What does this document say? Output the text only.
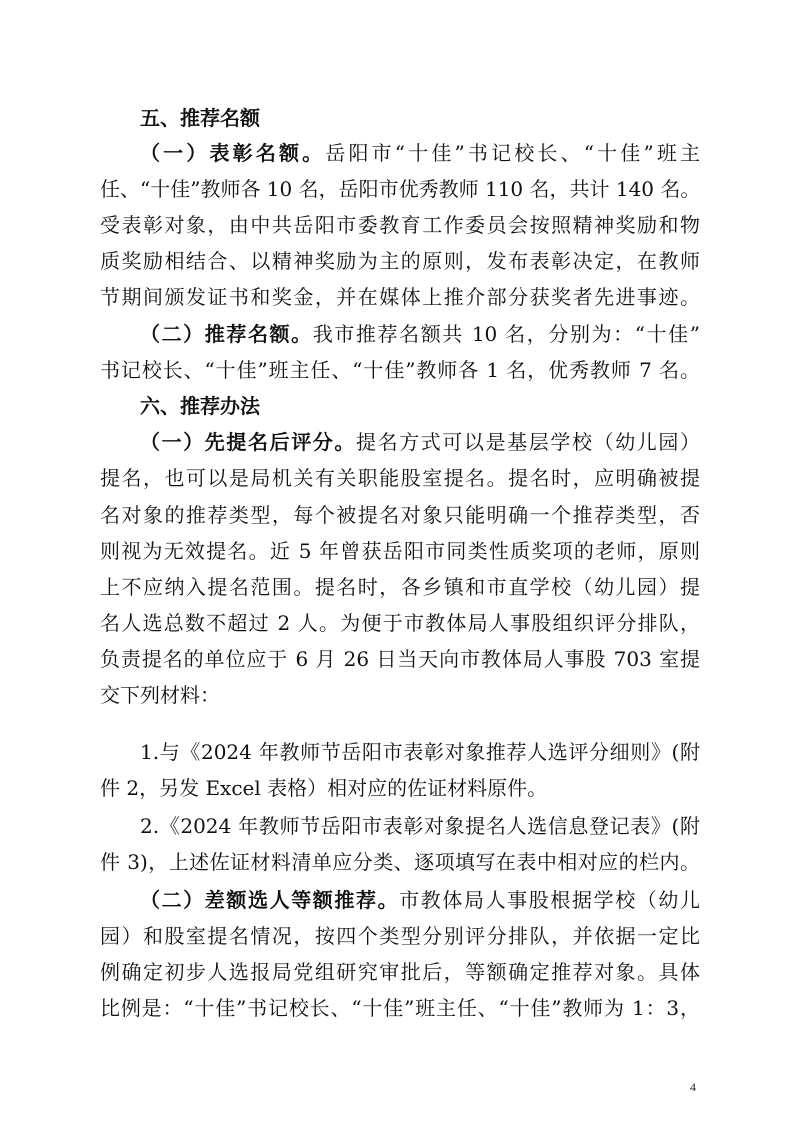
五、推荐名额
（一）表彰名额。岳阳市“十佳”书记校长、“十佳”班主
任、“十佳”教师各 10 名，岳阳市优秀教师 110 名，共计 140 名。
受表彰对象，由中共岳阳市委教育工作委员会按照精神奖励和物
质奖励相结合、以精神奖励为主的原则，发布表彰决定，在教师
节期间颁发证书和奖金，并在媒体上推介部分获奖者先进事迹。
（二）推荐名额。我市推荐名额共 10 名，分别为：“十佳”
书记校长、“十佳”班主任、“十佳”教师各 1 名，优秀教师 7 名。
六、推荐办法
（一）先提名后评分。提名方式可以是基层学校（幼儿园）
提名，也可以是局机关有关职能股室提名。提名时，应明确被提
名对象的推荐类型，每个被提名对象只能明确一个推荐类型，否
则视为无效提名。近 5 年曾获岳阳市同类性质奖项的老师，原则
上不应纳入提名范围。提名时，各乡镇和市直学校（幼儿园）提
名人选总数不超过 2 人。为便于市教体局人事股组织评分排队，
负责提名的单位应于 6 月 26 日当天向市教体局人事股 703 室提
交下列材料：
1.与《2024 年教师节岳阳市表彰对象推荐人选评分细则》(附
件 2，另发 Excel 表格）相对应的佐证材料原件。
2.《2024 年教师节岳阳市表彰对象提名人选信息登记表》(附
件 3)，上述佐证材料清单应分类、逐项填写在表中相对应的栏内。
（二）差额选人等额推荐。市教体局人事股根据学校（幼儿
园）和股室提名情况，按四个类型分别评分排队，并依据一定比
例确定初步人选报局党组研究审批后，等额确定推荐对象。具体
比例是：“十佳”书记校长、“十佳”班主任、“十佳”教师为 1：3，
4
